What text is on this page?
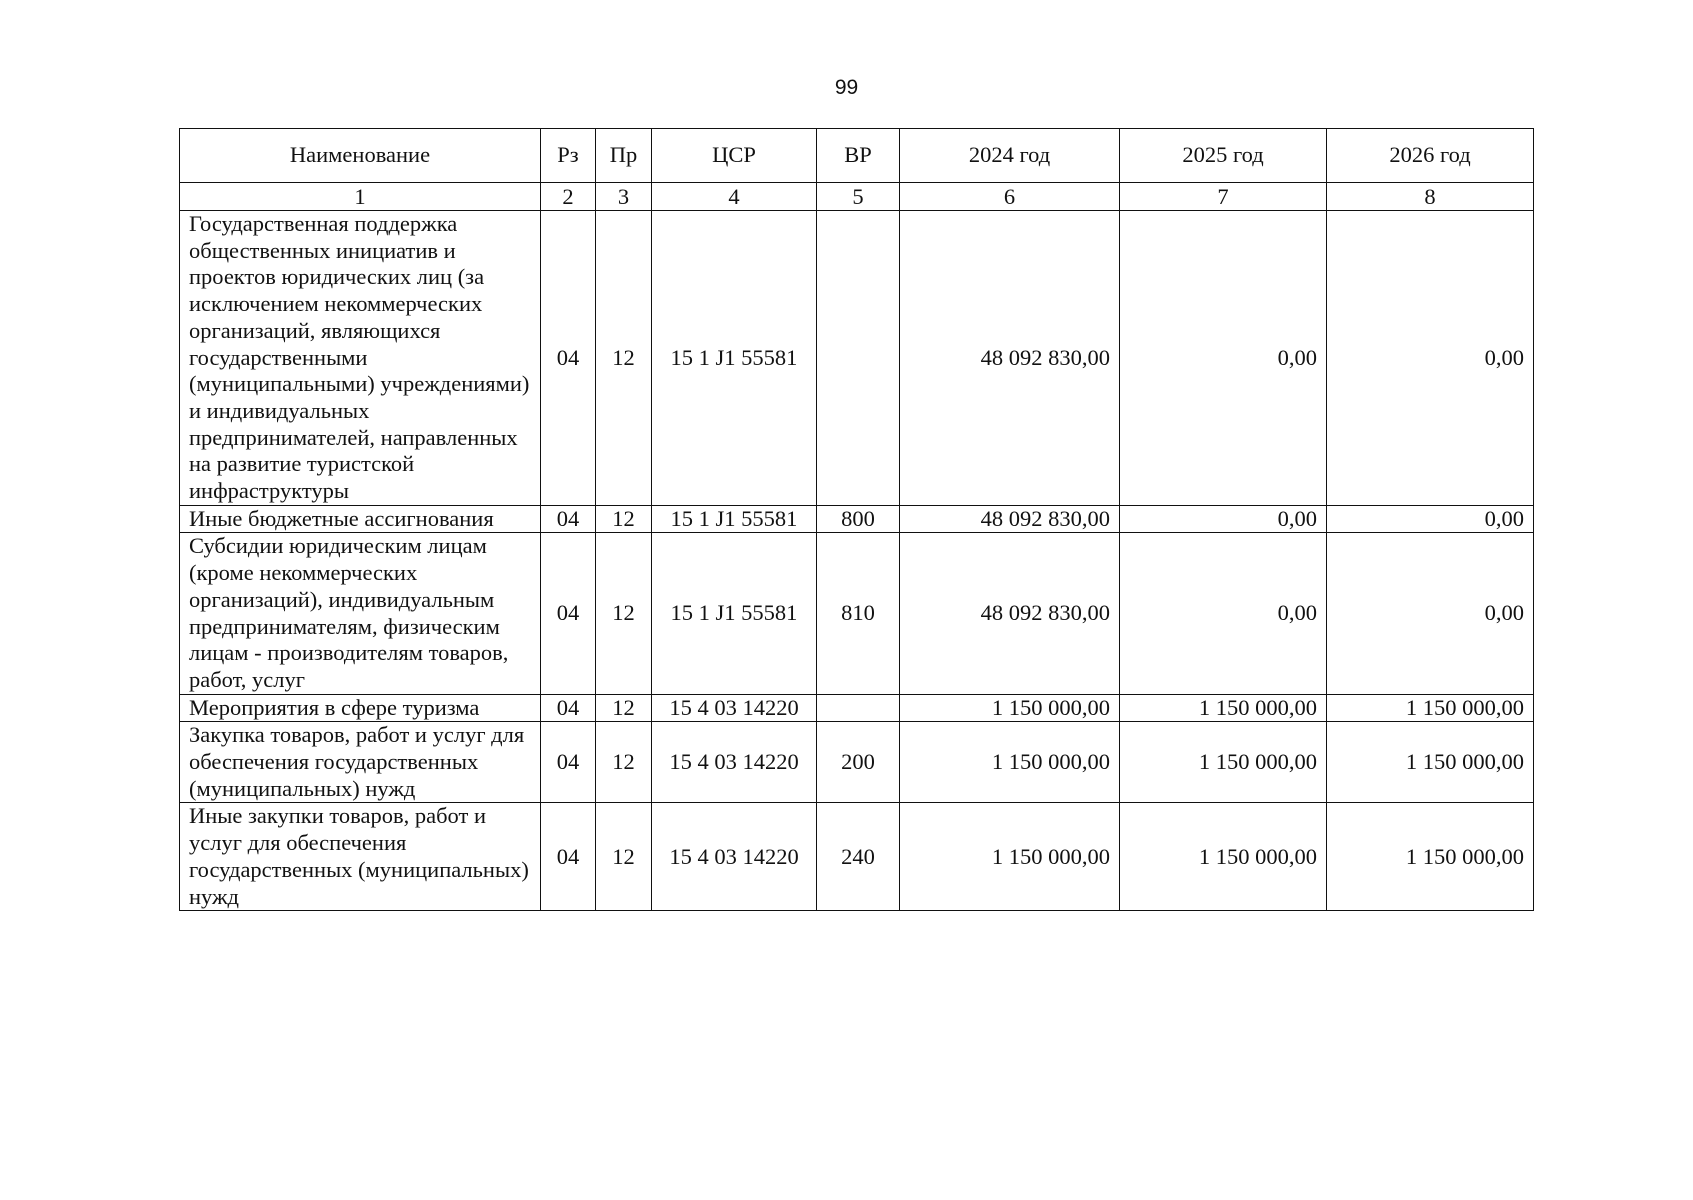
99
Наименование	Рз	Пр	ЦСР	ВР	2024 год	2025 год	2026 год
1	2	3	4	5	6	7	8
Государственная поддержка общественных инициатив и проектов юридических лиц (за исключением некоммерческих организаций, являющихся государственными (муниципальными) учреждениями) и индивидуальных предпринимателей, направленных на развитие туристской инфраструктуры	04	12	15 1 J1 55581		48 092 830,00	0,00	0,00
Иные бюджетные ассигнования	04	12	15 1 J1 55581	800	48 092 830,00	0,00	0,00
Субсидии юридическим лицам (кроме некоммерческих организаций), индивидуальным предпринимателям, физическим лицам - производителям товаров, работ, услуг	04	12	15 1 J1 55581	810	48 092 830,00	0,00	0,00
Мероприятия в сфере туризма	04	12	15 4 03 14220		1 150 000,00	1 150 000,00	1 150 000,00
Закупка товаров, работ и услуг для обеспечения государственных (муниципальных) нужд	04	12	15 4 03 14220	200	1 150 000,00	1 150 000,00	1 150 000,00
Иные закупки товаров, работ и услуг для обеспечения государственных (муниципальных) нужд	04	12	15 4 03 14220	240	1 150 000,00	1 150 000,00	1 150 000,00
